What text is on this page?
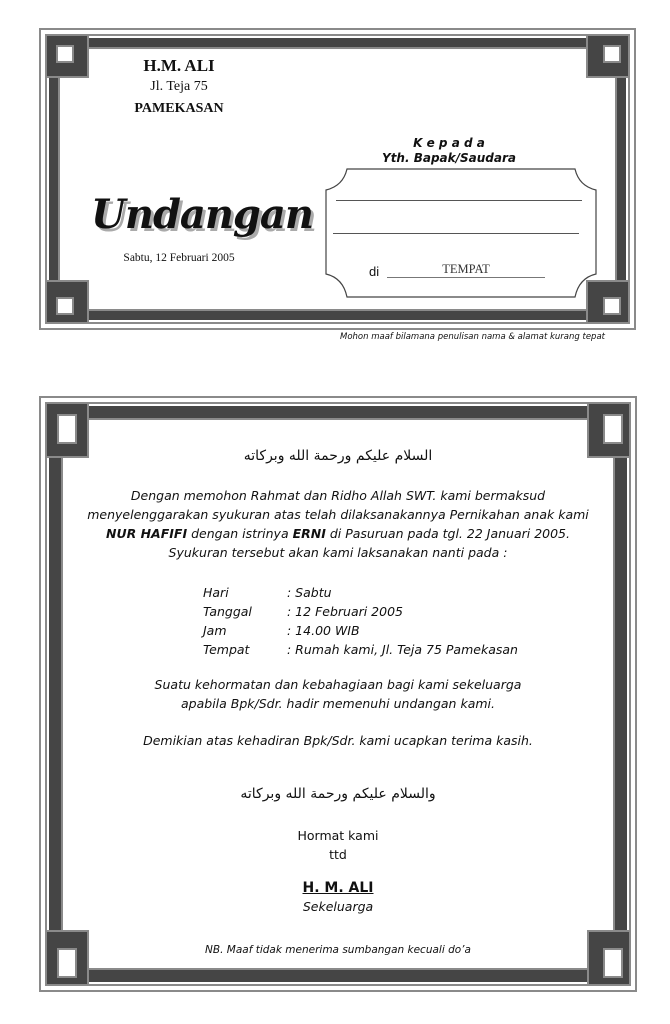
H.M. ALI
Jl. Teja 75
PAMEKASAN
Undangan
Sabtu, 12 Februari 2005
K e p a d a
Yth. Bapak/Saudara
di	TEMPAT
Mohon maaf bilamana penulisan nama & alamat kurang tepat
السلام عليكم ورحمة الله وبركاته
Dengan memohon Rahmat dan Ridho Allah SWT. kami bermaksud
menyelenggarakan syukuran atas telah dilaksanakannya Pernikahan anak kami
NUR HAFIFI dengan istrinya ERNI di Pasuruan pada tgl. 22 Januari 2005.
Syukuran tersebut akan kami laksanakan nanti pada :
Hari	: Sabtu
Tanggal	: 12 Februari 2005
Jam	: 14.00 WIB
Tempat	: Rumah kami, Jl. Teja 75 Pamekasan
Suatu kehormatan dan kebahagiaan bagi kami sekeluarga
apabila Bpk/Sdr. hadir memenuhi undangan kami.
Demikian atas kehadiran Bpk/Sdr. kami ucapkan terima kasih.
والسلام عليكم ورحمة الله وبركاته
Hormat kami
ttd
H. M. ALI
Sekeluarga
NB. Maaf tidak menerima sumbangan kecuali do’a
